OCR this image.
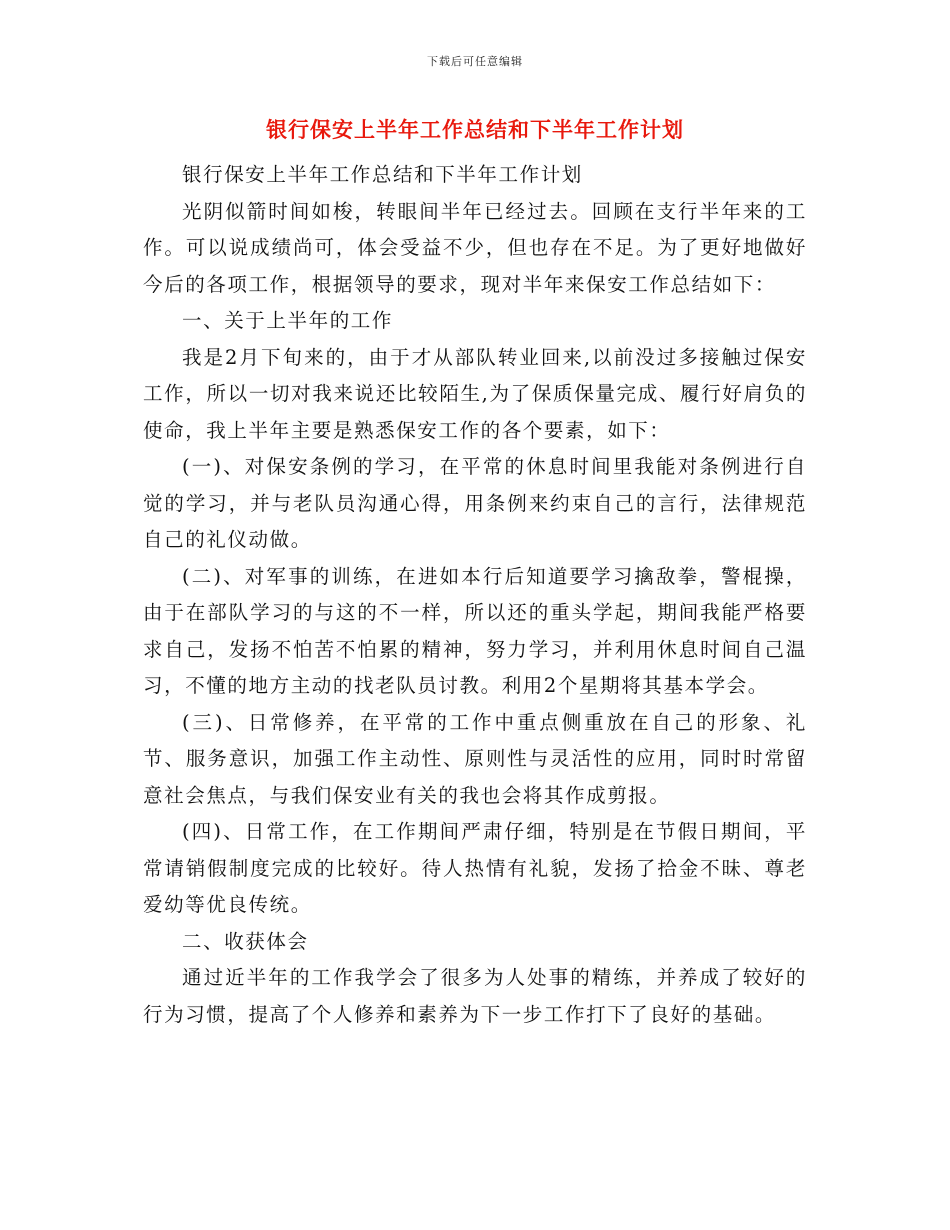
下载后可任意编辑
银行保安上半年工作总结和下半年工作计划

银行保安上半年工作总结和下半年工作计划

光阴似箭时间如梭，转眼间半年已经过去。回顾在支行半年来的工作。可以说成绩尚可，体会受益不少，但也存在不足。为了更好地做好今后的各项工作，根据领导的要求，现对半年来保安工作总结如下：

一、关于上半年的工作

我是2月下旬来的，由于才从部队转业回来,以前没过多接触过保安工作，所以一切对我来说还比较陌生,为了保质保量完成、履行好肩负的使命，我上半年主要是熟悉保安工作的各个要素，如下：

(一)、对保安条例的学习，在平常的休息时间里我能对条例进行自觉的学习，并与老队员沟通心得，用条例来约束自己的言行，法律规范自己的礼仪动做。

(二)、对军事的训练，在进如本行后知道要学习擒敌拳，警棍操，由于在部队学习的与这的不一样，所以还的重头学起，期间我能严格要求自己，发扬不怕苦不怕累的精神，努力学习，并利用休息时间自己温习，不懂的地方主动的找老队员讨教。利用2个星期将其基本学会。

(三)、日常修养，在平常的工作中重点侧重放在自己的形象、礼节、服务意识，加强工作主动性、原则性与灵活性的应用，同时时常留意社会焦点，与我们保安业有关的我也会将其作成剪报。

(四)、日常工作，在工作期间严肃仔细，特别是在节假日期间，平常请销假制度完成的比较好。待人热情有礼貌，发扬了拾金不昧、尊老爱幼等优良传统。

二、收获体会

通过近半年的工作我学会了很多为人处事的精练，并养成了较好的行为习惯，提高了个人修养和素养为下一步工作打下了良好的基础。
